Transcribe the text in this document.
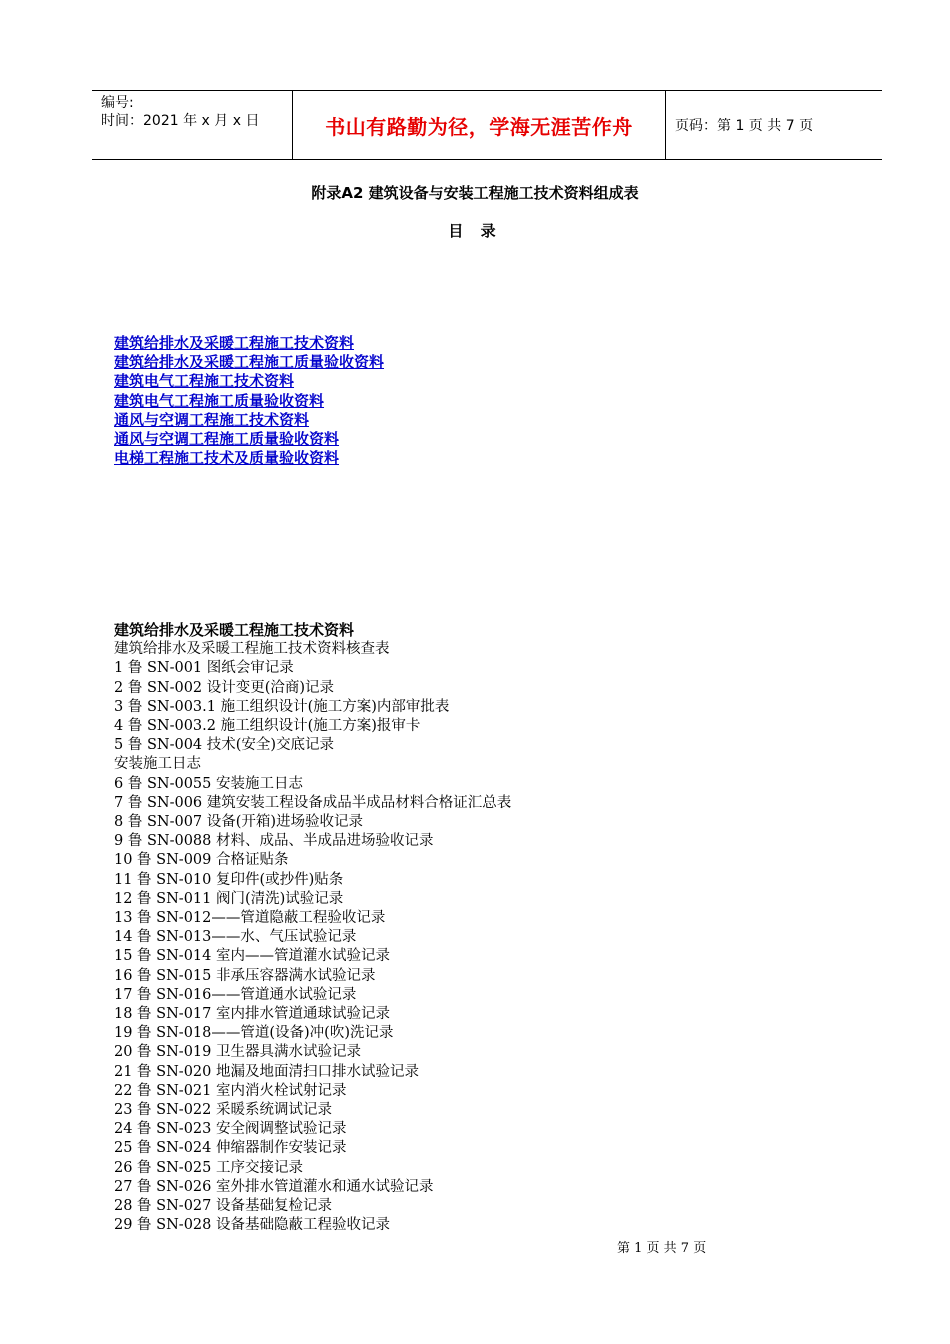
编号:
时间：2021 年 x 月 x 日	书山有路勤为径，学海无涯苦作舟	页码：第 1 页 共 7 页
附录A2 建筑设备与安装工程施工技术资料组成表
目 录
建筑给排水及采暖工程施工技术资料
建筑给排水及采暖工程施工质量验收资料
建筑电气工程施工技术资料
建筑电气工程施工质量验收资料
通风与空调工程施工技术资料
通风与空调工程施工质量验收资料
电梯工程施工技术及质量验收资料
建筑给排水及采暖工程施工技术资料
建筑给排水及采暖工程施工技术资料核查表
1 鲁 SN-001 图纸会审记录
2 鲁 SN-002 设计变更(洽商)记录
3 鲁 SN-003.1 施工组织设计(施工方案)内部审批表
4 鲁 SN-003.2 施工组织设计(施工方案)报审卡
5 鲁 SN-004 技术(安全)交底记录
安装施工日志
6 鲁 SN-0055 安装施工日志
7 鲁 SN-006 建筑安装工程设备成品半成品材料合格证汇总表
8 鲁 SN-007 设备(开箱)进场验收记录
9 鲁 SN-0088 材料、成品、半成品进场验收记录
10 鲁 SN-009 合格证贴条
11 鲁 SN-010 复印件(或抄件)贴条
12 鲁 SN-011 阀门(清洗)试验记录
13 鲁 SN-012——管道隐蔽工程验收记录
14 鲁 SN-013——水、气压试验记录
15 鲁 SN-014 室内——管道灌水试验记录
16 鲁 SN-015 非承压容器满水试验记录
17 鲁 SN-016——管道通水试验记录
18 鲁 SN-017 室内排水管道通球试验记录
19 鲁 SN-018——管道(设备)冲(吹)洗记录
20 鲁 SN-019 卫生器具满水试验记录
21 鲁 SN-020 地漏及地面清扫口排水试验记录
22 鲁 SN-021 室内消火栓试射记录
23 鲁 SN-022 采暖系统调试记录
24 鲁 SN-023 安全阀调整试验记录
25 鲁 SN-024 伸缩器制作安装记录
26 鲁 SN-025 工序交接记录
27 鲁 SN-026 室外排水管道灌水和通水试验记录
28 鲁 SN-027 设备基础复检记录
29 鲁 SN-028 设备基础隐蔽工程验收记录
第 1 页 共 7 页
